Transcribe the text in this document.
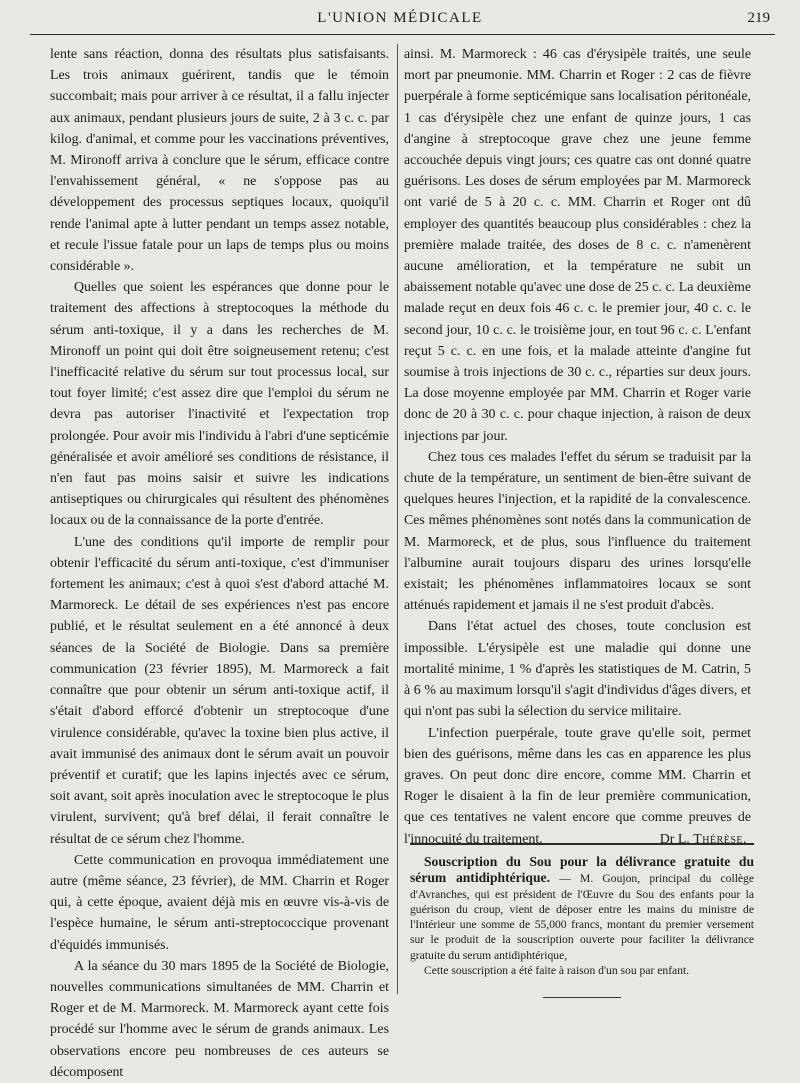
L'UNION MÉDICALE	219

lente sans réaction, donna des résultats plus satisfaisants. Les trois animaux guérirent, tandis que le témoin succombait; mais pour arriver à ce résultat, il a fallu injecter aux animaux, pendant plusieurs jours de suite, 2 à 3 c. c. par kilog. d'animal, et comme pour les vaccinations préventives, M. Mironoff arriva à conclure que le sérum, efficace contre l'envahissement général, « ne s'oppose pas au développement des processus septiques locaux, quoiqu'il rende l'animal apte à lutter pendant un temps assez notable, et recule l'issue fatale pour un laps de temps plus ou moins considérable ».

Quelles que soient les espérances que donne pour le traitement des affections à streptocoques la méthode du sérum anti-toxique, il y a dans les recherches de M. Mironoff un point qui doit être soigneusement retenu; c'est l'inefficacité relative du sérum sur tout processus local, sur tout foyer limité; c'est assez dire que l'emploi du sérum ne devra pas autoriser l'inactivité et l'expectation trop prolongée. Pour avoir mis l'individu à l'abri d'une septicémie généralisée et avoir amélioré ses conditions de résistance, il n'en faut pas moins saisir et suivre les indications antiseptiques ou chirurgicales qui résultent des phénomènes locaux ou de la connaissance de la porte d'entrée.

L'une des conditions qu'il importe de remplir pour obtenir l'efficacité du sérum anti-toxique, c'est d'immuniser fortement les animaux; c'est à quoi s'est d'abord attaché M. Marmoreck. Le détail de ses expériences n'est pas encore publié, et le résultat seulement en a été annoncé à deux séances de la Société de Biologie. Dans sa première communication (23 février 1895), M. Marmoreck a fait connaître que pour obtenir un sérum anti-toxique actif, il s'était d'abord efforcé d'obtenir un streptocoque d'une virulence considérable, qu'avec la toxine bien plus active, il avait immunisé des animaux dont le sérum avait un pouvoir préventif et curatif; que les lapins injectés avec ce sérum, soit avant, soit après inoculation avec le streptocoque le plus virulent, survivent; qu'à bref délai, il ferait connaître le résultat de ce sérum chez l'homme.

Cette communication en provoqua immédiatement une autre (même séance, 23 février), de MM. Charrin et Roger qui, à cette époque, avaient déjà mis en œuvre vis-à-vis de l'espèce humaine, le sérum anti-streptococcique provenant d'équidés immunisés.

A la séance du 30 mars 1895 de la Société de Biologie, nouvelles communications simultanées de MM. Charrin et Roger et de M. Marmoreck. M. Marmoreck ayant cette fois procédé sur l'homme avec le sérum de grands animaux. Les observations encore peu nombreuses de ces auteurs se décomposent

ainsi. M. Marmoreck : 46 cas d'érysipèle traités, une seule mort par pneumonie. MM. Charrin et Roger : 2 cas de fièvre puerpérale à forme septicémique sans localisation péritonéale, 1 cas d'érysipèle chez une enfant de quinze jours, 1 cas d'angine à streptocoque grave chez une jeune femme accouchée depuis vingt jours; ces quatre cas ont donné quatre guérisons. Les doses de sérum employées par M. Marmoreck ont varié de 5 à 20 c. c. MM. Charrin et Roger ont dû employer des quantités beaucoup plus considérables : chez la première malade traitée, des doses de 8 c. c. n'amenèrent aucune amélioration, et la température ne subit un abaissement notable qu'avec une dose de 25 c. c. La deuxième malade reçut en deux fois 46 c. c. le premier jour, 40 c. c. le second jour, 10 c. c. le troisième jour, en tout 96 c. c. L'enfant reçut 5 c. c. en une fois, et la malade atteinte d'angine fut soumise à trois injections de 30 c. c., réparties sur deux jours. La dose moyenne employée par MM. Charrin et Roger varie donc de 20 à 30 c. c. pour chaque injection, à raison de deux injections par jour.

Chez tous ces malades l'effet du sérum se traduisit par la chute de la température, un sentiment de bien-être suivant de quelques heures l'injection, et la rapidité de la convalescence. Ces mêmes phénomènes sont notés dans la communication de M. Marmoreck, et de plus, sous l'influence du traitement l'albumine aurait toujours disparu des urines lorsqu'elle existait; les phénomènes inflammatoires locaux se sont atténués rapidement et jamais il ne s'est produit d'abcès.

Dans l'état actuel des choses, toute conclusion est impossible. L'érysipèle est une maladie qui donne une mortalité minime, 1 % d'après les statistiques de M. Catrin, 5 à 6 % au maximum lorsqu'il s'agit d'individus d'âges divers, et qui n'ont pas subi la sélection du service militaire.

L'infection puerpérale, toute grave qu'elle soit, permet bien des guérisons, même dans les cas en apparence les plus graves. On peut donc dire encore, comme MM. Charrin et Roger le disaient à la fin de leur première communication, que ces tentatives ne valent encore que comme preuves de l'innocuité du traitement.	Dr L. Thérèse.

Souscription du Sou pour la délivrance gratuite du sérum antidiphtérique. — M. Goujon, principal du collège d'Avranches, qui est président de l'Œuvre du Sou des enfants pour la guérison du croup, vient de déposer entre les mains du ministre de l'Intérieur une somme de 55,000 francs, montant du premier versement sur le produit de la souscription ouverte pour faciliter la délivrance gratuite du serum antidiphtérique,

Cette souscription a été faite à raison d'un sou par enfant.
